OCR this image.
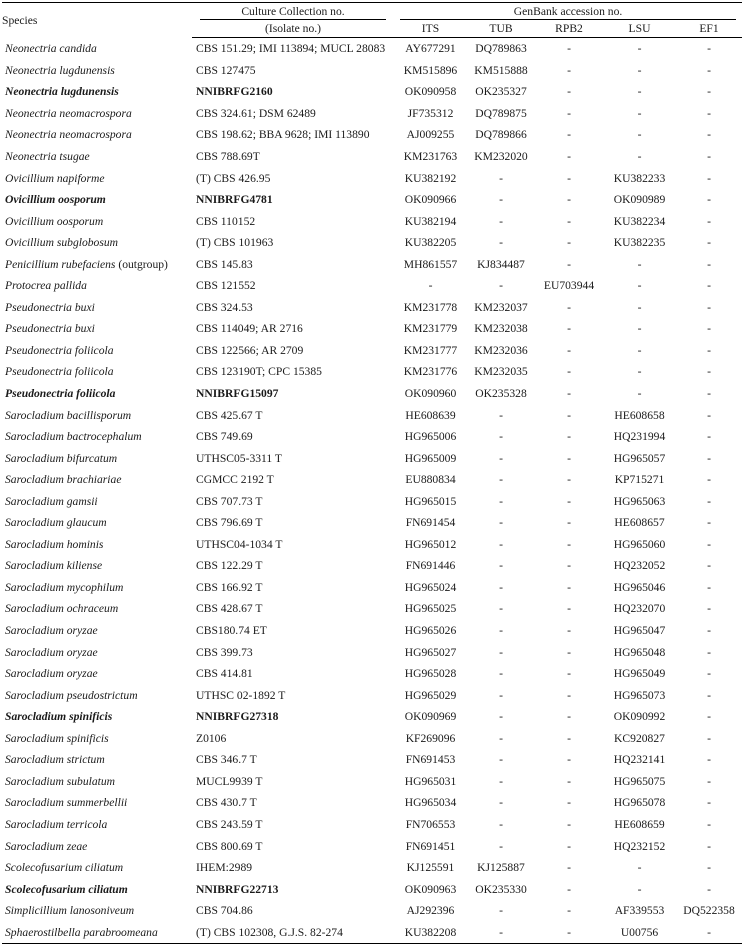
Species	Culture Collection no.	GenBank accession no.				

	(Isolate no.)	ITS	TUB	RPB2	LSU	EF1
Neonectria candida	CBS 151.29; IMI 113894; MUCL 28083	AY677291	DQ789863	-	-	-
Neonectria lugdunensis	CBS 127475	KM515896	KM515888	-	-	-
Neonectria lugdunensis	NNIBRFG2160	OK090958	OK235327	-	-	-
Neonectria neomacrospora	CBS 324.61; DSM 62489	JF735312	DQ789875	-	-	-
Neonectria neomacrospora	CBS 198.62; BBA 9628; IMI 113890	AJ009255	DQ789866	-	-	-
Neonectria tsugae	CBS 788.69T	KM231763	KM232020	-	-	-
Ovicillium napiforme	(T) CBS 426.95	KU382192	-	-	KU382233	-
Ovicillium oosporum	NNIBRFG4781	OK090966	-	-	OK090989	-
Ovicillium oosporum	CBS 110152	KU382194	-	-	KU382234	-
Ovicillium subglobosum	(T) CBS 101963	KU382205	-	-	KU382235	-
Penicillium rubefaciens (outgroup)	CBS 145.83	MH861557	KJ834487	-	-	-
Protocrea pallida	CBS 121552	-	-	EU703944	-	-
Pseudonectria buxi	CBS 324.53	KM231778	KM232037	-	-	-
Pseudonectria buxi	CBS 114049; AR 2716	KM231779	KM232038	-	-	-
Pseudonectria foliicola	CBS 122566; AR 2709	KM231777	KM232036	-	-	-
Pseudonectria foliicola	CBS 123190T; CPC 15385	KM231776	KM232035	-	-	-
Pseudonectria foliicola	NNIBRFG15097	OK090960	OK235328	-	-	-
Sarocladium bacillisporum	CBS 425.67 T	HE608639	-	-	HE608658	-
Sarocladium bactrocephalum	CBS 749.69	HG965006	-	-	HQ231994	-
Sarocladium bifurcatum	UTHSC05-3311 T	HG965009	-	-	HG965057	-
Sarocladium brachiariae	CGMCC 2192 T	EU880834	-	-	KP715271	-
Sarocladium gamsii	CBS 707.73 T	HG965015	-	-	HG965063	-
Sarocladium glaucum	CBS 796.69 T	FN691454	-	-	HE608657	-
Sarocladium hominis	UTHSC04-1034 T	HG965012	-	-	HG965060	-
Sarocladium kiliense	CBS 122.29 T	FN691446	-	-	HQ232052	-
Sarocladium mycophilum	CBS 166.92 T	HG965024	-	-	HG965046	-
Sarocladium ochraceum	CBS 428.67 T	HG965025	-	-	HQ232070	-
Sarocladium oryzae	CBS180.74 ET	HG965026	-	-	HG965047	-
Sarocladium oryzae	CBS 399.73	HG965027	-	-	HG965048	-
Sarocladium oryzae	CBS 414.81	HG965028	-	-	HG965049	-
Sarocladium pseudostrictum	UTHSC 02-1892 T	HG965029	-	-	HG965073	-
Sarocladium spinificis	NNIBRFG27318	OK090969	-	-	OK090992	-
Sarocladium spinificis	Z0106	KF269096	-	-	KC920827	-
Sarocladium strictum	CBS 346.7 T	FN691453	-	-	HQ232141	-
Sarocladium subulatum	MUCL9939 T	HG965031	-	-	HG965075	-
Sarocladium summerbellii	CBS 430.7 T	HG965034	-	-	HG965078	-
Sarocladium terricola	CBS 243.59 T	FN706553	-	-	HE608659	-
Sarocladium zeae	CBS 800.69 T	FN691451	-	-	HQ232152	-
Scolecofusarium ciliatum	IHEM:2989	KJ125591	KJ125887	-	-	-
Scolecofusarium ciliatum	NNIBRFG22713	OK090963	OK235330	-	-	-
Simplicillium lanosoniveum	CBS 704.86	AJ292396	-	-	AF339553	DQ522358
Sphaerostilbella parabroomeana	(T) CBS 102308, G.J.S. 82-274	KU382208	-	-	U00756	-
